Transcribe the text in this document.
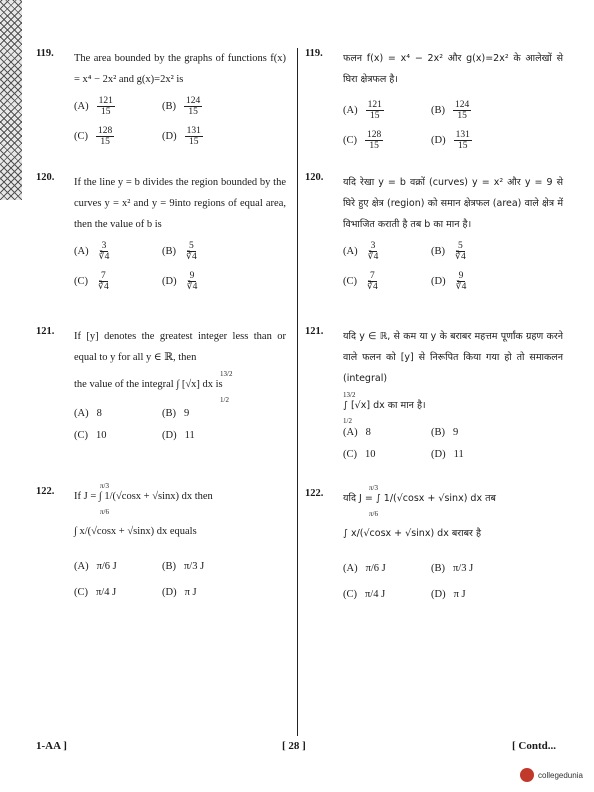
119. The area bounded by the graphs of functions f(x) = x⁴ − 2x² and g(x)=2x² is
$(A) \frac{121}{15}$	$(B) \frac{124}{15}$
$(C) \frac{128}{15}$	$(D) \frac{131}{15}$
120. If the line y = b divides the region bounded by the curves y = x² and y = 9into regions of equal area, then the value of b is
$(A) \frac{3}{∛4}$	$(B) \frac{5}{∛4}$
$(C) \frac{7}{∛4}$	$(D) \frac{9}{∛4}$
121. If [y] denotes the greatest integer less than or equal to y for all y ∈ ℝ, then
13/2
the value of the integral ∫ [√x] dx is
1/2
(A) 8	(B) 9
(C) 10	(D) 11
122.	π/3
If J = ∫ 1/(√cosx + √sinx) dx then
π/6
∫ x/(√cosx + √sinx) dx equals
(A) π/6 J	(B) π/3 J
(C) π/4 J	(D) π J
119. फलन f(x) = x⁴ − 2x² और g(x)=2x² के आलेखों से घिरा क्षेत्रफल है।
$(A) \frac{121}{15}$	$(B) \frac{124}{15}$
$(C) \frac{128}{15}$	$(D) \frac{131}{15}$
120. यदि रेखा y = b वक्रों (curves) y = x² और y = 9 से घिरे हुए क्षेत्र (region) को समान क्षेत्रफल (area) वाले क्षेत्र में विभाजित कराती है तब b का मान है।
$(A) \frac{3}{∛4}$	$(B) \frac{5}{∛4}$
$(C) \frac{7}{∛4}$	$(D) \frac{9}{∛4}$
121. यदि y ∈ ℝ, से कम या y के बराबर महत्तम पूर्णांक ग्रहण करने वाले फलन को [y] से निरूपित किया गया हो तो समाकलन (integral)
13/2
∫ [√x] dx का मान है।
1/2
(A) 8	(B) 9
(C) 10	(D) 11
122.	π/3
यदि J = ∫ 1/(√cosx + √sinx) dx तब
π/6
∫ x/(√cosx + √sinx) dx बराबर है
(A) π/6 J	(B) π/3 J
(C) π/4 J	(D) π J
1-AA ]	[ 28 ]	[ Contd...
collegedunia
